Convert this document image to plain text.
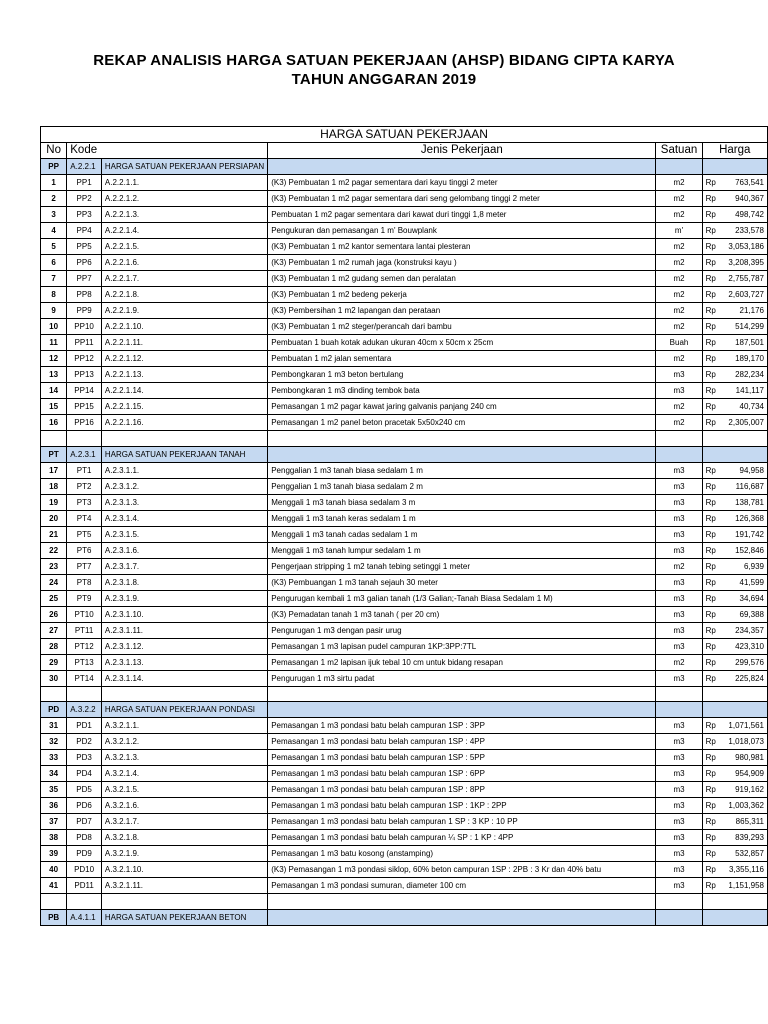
REKAP ANALISIS HARGA SATUAN PEKERJAAN (AHSP) BIDANG CIPTA KARYA
TAHUN ANGGARAN 2019
HARGA SATUAN PEKERJAAN					
No	Kode		Jenis Pekerjaan	Satuan	Harga
PP	A.2.2.1	HARGA SATUAN PEKERJAAN PERSIAPAN			
1	PP1	A.2.2.1.1.	(K3) Pembuatan 1 m2 pagar sementara dari kayu tinggi 2 meter	m2	Rp 763,541
2	PP2	A.2.2.1.2.	(K3) Pembuatan 1 m2 pagar sementara dari seng gelombang tinggi 2 meter	m2	Rp 940,367
3	PP3	A.2.2.1.3.	Pembuatan 1 m2 pagar sementara dari kawat duri tinggi 1,8 meter	m2	Rp 498,742
4	PP4	A.2.2.1.4.	Pengukuran dan pemasangan 1 m' Bouwplank	m'	Rp 233,578
5	PP5	A.2.2.1.5.	(K3) Pembuatan 1 m2 kantor sementara lantai plesteran	m2	Rp 3,053,186
6	PP6	A.2.2.1.6.	(K3) Pembuatan 1 m2 rumah jaga (konstruksi kayu )	m2	Rp 3,208,395
7	PP7	A.2.2.1.7.	(K3) Pembuatan 1 m2 gudang semen dan peralatan	m2	Rp 2,755,787
8	PP8	A.2.2.1.8.	(K3) Pembuatan 1 m2 bedeng pekerja	m2	Rp 2,603,727
9	PP9	A.2.2.1.9.	(K3) Pembersihan 1 m2 lapangan dan perataan	m2	Rp 21,176
10	PP10	A.2.2.1.10.	(K3) Pembuatan 1 m2 steger/perancah dari bambu	m2	Rp 514,299
11	PP11	A.2.2.1.11.	Pembuatan 1 buah kotak adukan ukuran 40cm x 50cm x 25cm	Buah	Rp 187,501
12	PP12	A.2.2.1.12.	Pembuatan 1 m2 jalan sementara	m2	Rp 189,170
13	PP13	A.2.2.1.13.	Pembongkaran 1 m3 beton bertulang	m3	Rp 282,234
14	PP14	A.2.2.1.14.	Pembongkaran 1 m3 dinding tembok bata	m3	Rp 141,117
15	PP15	A.2.2.1.15.	Pemasangan 1 m2 pagar kawat jaring galvanis panjang 240 cm	m2	Rp 40,734
16	PP16	A.2.2.1.16.	Pemasangan 1 m2 panel beton pracetak 5x50x240 cm	m2	Rp 2,305,007

PT	A.2.3.1	HARGA SATUAN PEKERJAAN TANAH			
17	PT1	A.2.3.1.1.	Penggalian 1 m3 tanah biasa sedalam 1 m	m3	Rp 94,958
18	PT2	A.2.3.1.2.	Penggalian 1 m3 tanah biasa sedalam 2 m	m3	Rp 116,687
19	PT3	A.2.3.1.3.	Menggali 1 m3 tanah biasa sedalam 3 m	m3	Rp 138,781
20	PT4	A.2.3.1.4.	Menggali 1 m3 tanah keras sedalam 1 m	m3	Rp 126,368
21	PT5	A.2.3.1.5.	Menggali 1 m3 tanah cadas sedalam 1 m	m3	Rp 191,742
22	PT6	A.2.3.1.6.	Menggali 1 m3 tanah lumpur sedalam 1 m	m3	Rp 152,846
23	PT7	A.2.3.1.7.	Pengerjaan stripping 1 m2 tanah tebing setinggi 1 meter	m2	Rp 6,939
24	PT8	A.2.3.1.8.	(K3) Pembuangan 1 m3 tanah sejauh 30 meter	m3	Rp 41,599
25	PT9	A.2.3.1.9.	Pengurugan kembali 1 m3 galian tanah (1/3 Galian;-Tanah Biasa Sedalam 1 M)	m3	Rp 34,694
26	PT10	A.2.3.1.10.	(K3) Pemadatan tanah 1 m3 tanah ( per 20 cm)	m3	Rp 69,388
27	PT11	A.2.3.1.11.	Pengurugan 1 m3 dengan pasir urug	m3	Rp 234,357
28	PT12	A.2.3.1.12.	Pemasangan 1 m3 lapisan pudel campuran 1KP:3PP:7TL	m3	Rp 423,310
29	PT13	A.2.3.1.13.	Pemasangan 1 m2 lapisan ijuk tebal 10 cm untuk bidang resapan	m2	Rp 299,576
30	PT14	A.2.3.1.14.	Pengurugan 1 m3 sirtu padat	m3	Rp 225,824

PD	A.3.2.2	HARGA SATUAN PEKERJAAN PONDASI			
31	PD1	A.3.2.1.1.	Pemasangan 1 m3 pondasi batu belah campuran 1SP : 3PP	m3	Rp 1,071,561
32	PD2	A.3.2.1.2.	Pemasangan 1 m3 pondasi batu belah campuran 1SP : 4PP	m3	Rp 1,018,073
33	PD3	A.3.2.1.3.	Pemasangan 1 m3 pondasi batu belah campuran 1SP : 5PP	m3	Rp 980,981
34	PD4	A.3.2.1.4.	Pemasangan 1 m3 pondasi batu belah campuran 1SP : 6PP	m3	Rp 954,909
35	PD5	A.3.2.1.5.	Pemasangan 1 m3 pondasi batu belah campuran 1SP : 8PP	m3	Rp 919,162
36	PD6	A.3.2.1.6.	Pemasangan 1 m3 pondasi batu belah campuran 1SP : 1KP : 2PP	m3	Rp 1,003,362
37	PD7	A.3.2.1.7.	Pemasangan 1 m3 pondasi batu belah campuran 1 SP : 3 KP : 10 PP	m3	Rp 865,311
38	PD8	A.3.2.1.8.	Pemasangan 1 m3 pondasi batu belah campuran ¼ SP : 1 KP : 4PP	m3	Rp 839,293
39	PD9	A.3.2.1.9.	Pemasangan 1 m3 batu kosong (anstamping)	m3	Rp 532,857
40	PD10	A.3.2.1.10.	(K3) Pemasangan 1 m3 pondasi siklop, 60% beton campuran 1SP : 2PB : 3 Kr dan 40% batu	m3	Rp 3,355,116
41	PD11	A.3.2.1.11.	Pemasangan 1 m3 pondasi sumuran, diameter 100 cm	m3	Rp 1,151,958

PB	A.4.1.1	HARGA SATUAN PEKERJAAN BETON			
